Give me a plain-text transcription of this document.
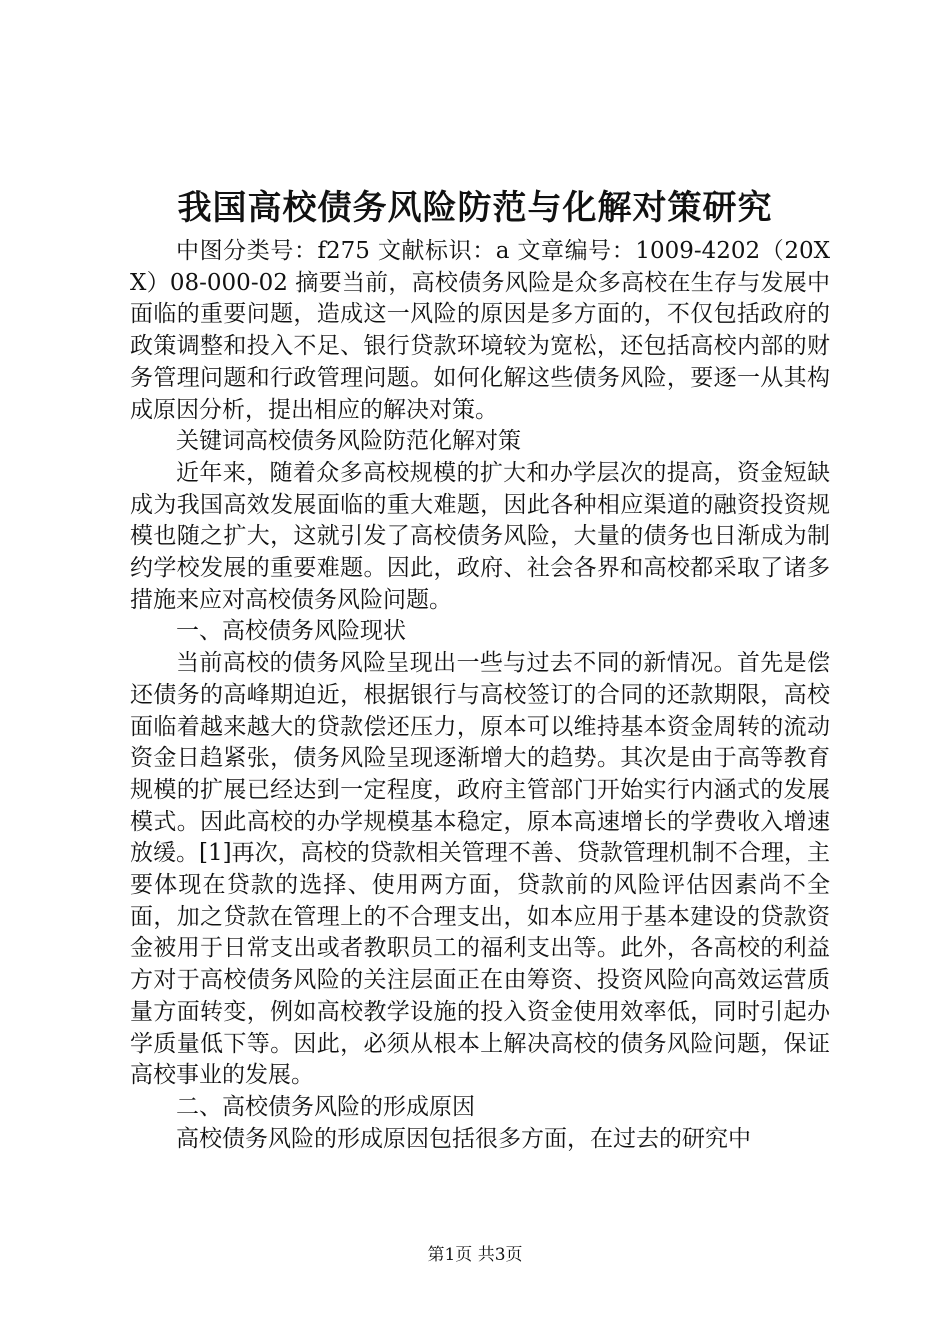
我国高校债务风险防范与化解对策研究

中图分类号：f275 文献标识：a 文章编号：1009-4202（20XX）08-000-02 摘要当前，高校债务风险是众多高校在生存与发展中面临的重要问题，造成这一风险的原因是多方面的，不仅包括政府的政策调整和投入不足、银行贷款环境较为宽松，还包括高校内部的财务管理问题和行政管理问题。如何化解这些债务风险，要逐一从其构成原因分析，提出相应的解决对策。

关键词高校债务风险防范化解对策

近年来，随着众多高校规模的扩大和办学层次的提高，资金短缺成为我国高效发展面临的重大难题，因此各种相应渠道的融资投资规模也随之扩大，这就引发了高校债务风险，大量的债务也日渐成为制约学校发展的重要难题。因此，政府、社会各界和高校都采取了诸多措施来应对高校债务风险问题。

一、高校债务风险现状

当前高校的债务风险呈现出一些与过去不同的新情况。首先是偿还债务的高峰期迫近，根据银行与高校签订的合同的还款期限，高校面临着越来越大的贷款偿还压力，原本可以维持基本资金周转的流动资金日趋紧张，债务风险呈现逐渐增大的趋势。其次是由于高等教育规模的扩展已经达到一定程度，政府主管部门开始实行内涵式的发展模式。因此高校的办学规模基本稳定，原本高速增长的学费收入增速放缓。[1]再次，高校的贷款相关管理不善、贷款管理机制不合理，主要体现在贷款的选择、使用两方面，贷款前的风险评估因素尚不全面，加之贷款在管理上的不合理支出，如本应用于基本建设的贷款资金被用于日常支出或者教职员工的福利支出等。此外，各高校的利益方对于高校债务风险的关注层面正在由筹资、投资风险向高效运营质量方面转变，例如高校教学设施的投入资金使用效率低，同时引起办学质量低下等。因此，必须从根本上解决高校的债务风险问题，保证高校事业的发展。

二、高校债务风险的形成原因

高校债务风险的形成原因包括很多方面，在过去的研究中

第1页 共3页
